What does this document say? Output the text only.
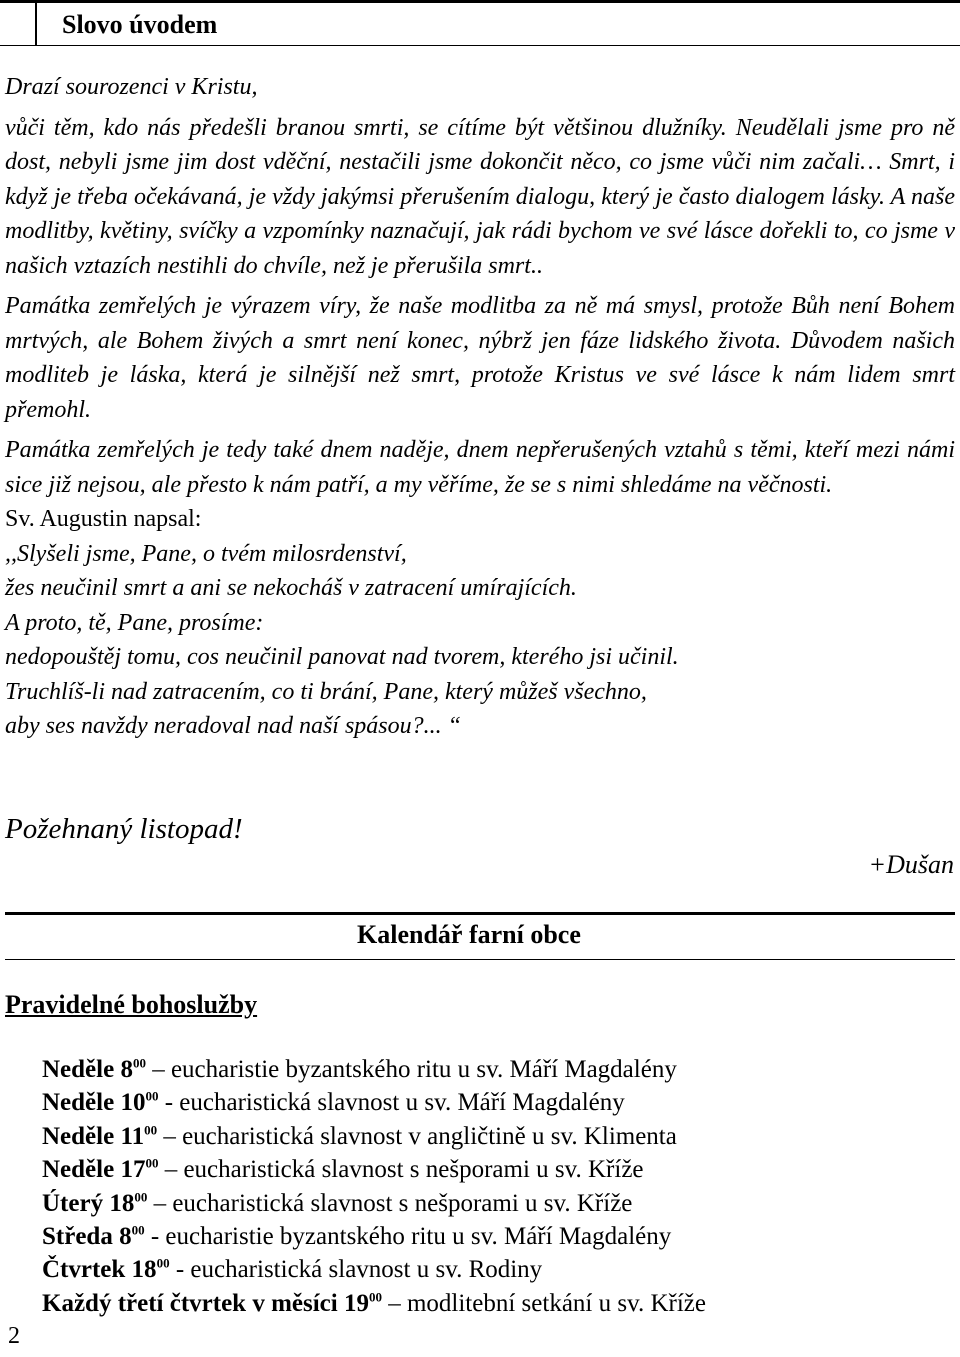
Slovo úvodem

Drazí sourozenci v Kristu,

vůči těm, kdo nás předešli branou smrti, se cítíme být většinou dlužníky. Neudělali jsme pro ně dost, nebyli jsme jim dost vděční, nestačili jsme dokončit něco, co jsme vůči nim začali… Smrt, i když je třeba očekávaná, je vždy jakýmsi přerušením dialogu, který je často dialogem lásky. A naše modlitby, květiny, svíčky a vzpomínky naznačují, jak rádi bychom ve své lásce dořekli to, co jsme v našich vztazích nestihli do chvíle, než je přerušila smrt..

Památka zemřelých je výrazem víry, že naše modlitba za ně má smysl, protože Bůh není Bohem mrtvých, ale Bohem živých a smrt není konec, nýbrž jen fáze lidského života. Důvodem našich modliteb je láska, která je silnější než smrt, protože Kristus ve své lásce k nám lidem smrt přemohl.

Památka zemřelých je tedy také dnem naděje, dnem nepřerušených vztahů s těmi, kteří mezi námi sice již nejsou, ale přesto k nám patří, a my věříme, že se s nimi shledáme na věčnosti.

Sv. Augustin napsal:

,,Slyšeli jsme, Pane, o tvém milosrdenství,

žes neučinil smrt a ani se nekocháš v zatracení umírajících.

A proto, tě, Pane, prosíme:

nedopouštěj tomu, cos neučinil panovat nad tvorem, kterého jsi učinil.

Truchlíš-li nad zatracením, co ti brání, Pane, který můžeš všechno,

aby ses navždy neradoval nad naší spásou?... “

Požehnaný listopad!
+Dušan
Kalendář farní obce
Pravidelné bohoslužby
Neděle $8^{00}$ – eucharistie byzantského ritu u sv. Máří Magdalény
Neděle $10^{00}$ - eucharistická slavnost u sv. Máří Magdalény
Neděle $11^{00}$ – eucharistická slavnost v angličtině u sv. Klimenta
Neděle $17^{00}$ – eucharistická slavnost s nešporami u sv. Kříže
Úterý $18^{00}$ – eucharistická slavnost s nešporami u sv. Kříže
Středa $8^{00}$ - eucharistie byzantského ritu u sv. Máří Magdalény
Čtvrtek $18^{00}$ - eucharistická slavnost u sv. Rodiny
Každý třetí čtvrtek v měsíci $19^{00}$ – modlitební setkání u sv. Kříže
2
